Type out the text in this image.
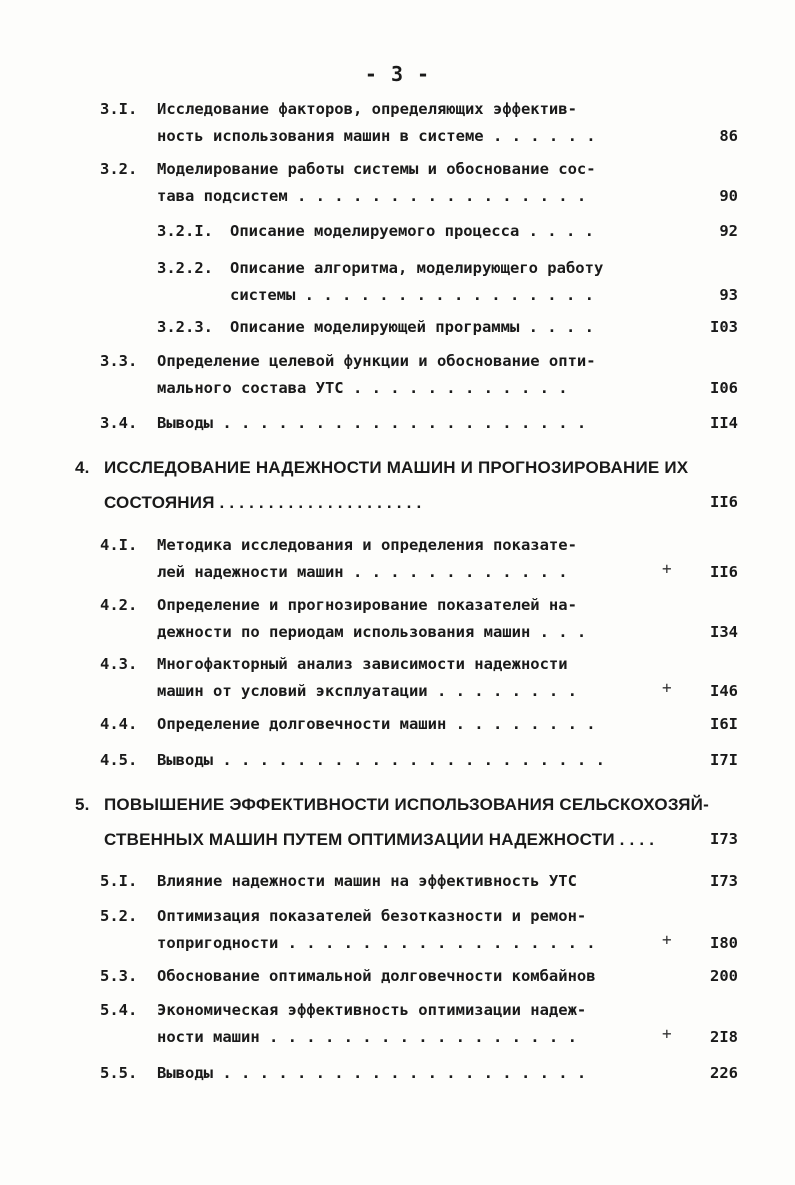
- 3 -
3.I. Исследование факторов, определяющих эффектив-
ность использования машин в системе . . . . . .	86
3.2. Моделирование работы системы и обоснование сос-
тава подсистем . . . . . . . . . . . . . . . .	90
3.2.I. Описание моделируемого процесса . . . .	92
3.2.2. Описание алгоритма, моделирующего работу
системы . . . . . . . . . . . . . . . .	93
3.2.3. Описание моделирующей программы . . . .	I03
3.3. Определение целевой функции и обоснование опти-
мального состава УТС . . . . . . . . . . . .	I06
3.4. Выводы . . . . . . . . . . . . . . . . . . . .	II4
4. ИССЛЕДОВАНИЕ НАДЕЖНОСТИ МАШИН И ПРОГНОЗИРОВАНИЕ ИХ
СОСТОЯНИЯ . . . . . . . . . . . . . . . . . . . . .	II6
4.I. Методика исследования и определения показате-
лей надежности машин . . . . . . . . . . . .	II6
+
4.2. Определение и прогнозирование показателей на-
дежности по периодам использования машин . . .	I34
4.3. Многофакторный анализ зависимости надежности
машин от условий эксплуатации . . . . . . . .	I46
+
4.4. Определение долговечности машин . . . . . . . .	I6I
4.5. Выводы . . . . . . . . . . . . . . . . . . . . .	I7I
5. ПОВЫШЕНИЕ ЭФФЕКТИВНОСТИ ИСПОЛЬЗОВАНИЯ СЕЛЬСКОХОЗЯЙ-
СТВЕННЫХ МАШИН ПУТЕМ ОПТИМИЗАЦИИ НАДЕЖНОСТИ . . . .	I73
5.I. Влияние надежности машин на эффективность УТС	I73
5.2. Оптимизация показателей безотказности и ремон-
топригодности . . . . . . . . . . . . . . . . .	I80
+
5.3. Обоснование оптимальной долговечности комбайнов	200
5.4. Экономическая эффективность оптимизации надеж-
ности машин . . . . . . . . . . . . . . . . .	2I8
+
5.5. Выводы . . . . . . . . . . . . . . . . . . . .	226
